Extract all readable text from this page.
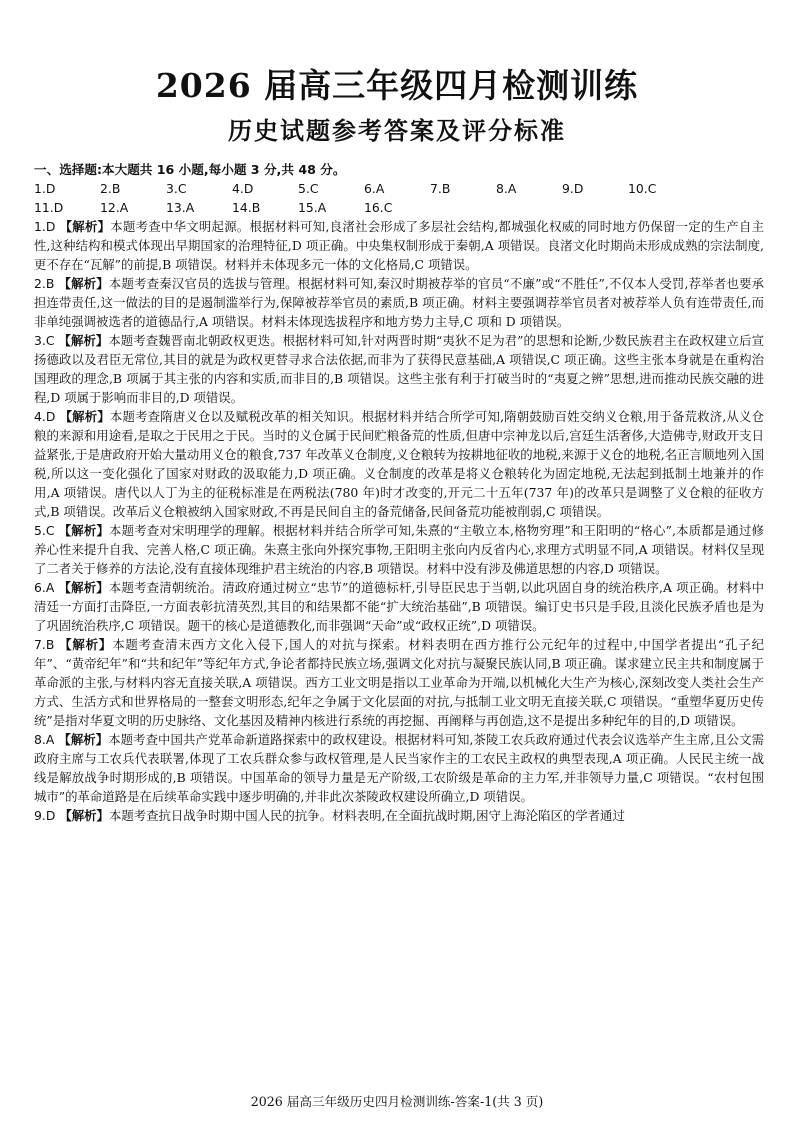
2026 届高三年级四月检测训练
历史试题参考答案及评分标准

一、选择题:本大题共 16 小题,每小题 3 分,共 48 分。

1.D	2.B	3.C	4.D	5.C	6.A	7.B	8.A	9.D	10.C
11.D	12.A	13.A	14.B	15.A	16.C

1.D 【解析】本题考查中华文明起源。根据材料可知,良渚社会形成了多层社会结构,都城强化权威的同时地方仍保留一定的生产自主性,这种结构和模式体现出早期国家的治理特征,D 项正确。中央集权制形成于秦朝,A 项错误。良渚文化时期尚未形成成熟的宗法制度,更不存在“瓦解”的前提,B 项错误。材料并未体现多元一体的文化格局,C 项错误。

2.B 【解析】本题考查秦汉官员的选拔与管理。根据材料可知,秦汉时期被荐举的官员“不廉”或“不胜任”,不仅本人受罚,荐举者也要承担连带责任,这一做法的目的是遏制滥举行为,保障被荐举官员的素质,B 项正确。材料主要强调荐举官员者对被荐举人负有连带责任,而非单纯强调被选者的道德品行,A 项错误。材料未体现选拔程序和地方势力主导,C 项和 D 项错误。

3.C 【解析】本题考查魏晋南北朝政权更迭。根据材料可知,针对两晋时期“夷狄不足为君”的思想和论断,少数民族君主在政权建立后宣扬德政以及君臣无常位,其目的就是为政权更替寻求合法依据,而非为了获得民意基础,A 项错误,C 项正确。这些主张本身就是在重构治国理政的理念,B 项属于其主张的内容和实质,而非目的,B 项错误。这些主张有利于打破当时的“夷夏之辨”思想,进而推动民族交融的进程,D 项属于影响而非目的,D 项错误。

4.D 【解析】本题考查隋唐义仓以及赋税改革的相关知识。根据材料并结合所学可知,隋朝鼓励百姓交纳义仓粮,用于备荒救济,从义仓粮的来源和用途看,是取之于民用之于民。当时的义仓属于民间贮粮备荒的性质,但唐中宗神龙以后,宫廷生活奢侈,大造佛寺,财政开支日益紧张,于是唐政府开始大量动用义仓的粮食,737 年改革义仓制度,义仓粮转为按耕地征收的地税,来源于义仓的地税,名正言顺地列入国税,所以这一变化强化了国家对财政的汲取能力,D 项正确。义仓制度的改革是将义仓粮转化为固定地税,无法起到抵制土地兼并的作用,A 项错误。唐代以人丁为主的征税标准是在两税法(780 年)时才改变的,开元二十五年(737 年)的改革只是调整了义仓粮的征收方式,B 项错误。改革后义仓粮被纳入国家财政,不再是民间自主的备荒储备,民间备荒功能被削弱,C 项错误。

5.C 【解析】本题考查对宋明理学的理解。根据材料并结合所学可知,朱熹的“主敬立本,格物穷理”和王阳明的“格心”,本质都是通过修养心性来提升自我、完善人格,C 项正确。朱熹主张向外探究事物,王阳明主张向内反省内心,求理方式明显不同,A 项错误。材料仅呈现了二者关于修养的方法论,没有直接体现维护君主统治的内容,B 项错误。材料中没有涉及佛道思想的内容,D 项错误。

6.A 【解析】本题考查清朝统治。清政府通过树立“忠节”的道德标杆,引导臣民忠于当朝,以此巩固自身的统治秩序,A 项正确。材料中清廷一方面打击降臣,一方面表彰抗清英烈,其目的和结果都不能“扩大统治基础”,B 项错误。编订史书只是手段,且淡化民族矛盾也是为了巩固统治秩序,C 项错误。题干的核心是道德教化,而非强调“天命”或“政权正统”,D 项错误。

7.B 【解析】本题考查清末西方文化入侵下,国人的对抗与探索。材料表明在西方推行公元纪年的过程中,中国学者提出“孔子纪年”、“黄帝纪年”和“共和纪年”等纪年方式,争论者都持民族立场,强调文化对抗与凝聚民族认同,B 项正确。谋求建立民主共和制度属于革命派的主张,与材料内容无直接关联,A 项错误。西方工业文明是指以工业革命为开端,以机械化大生产为核心,深刻改变人类社会生产方式、生活方式和世界格局的一整套文明形态,纪年之争属于文化层面的对抗,与抵制工业文明无直接关联,C 项错误。“重塑华夏历史传统”是指对华夏文明的历史脉络、文化基因及精神内核进行系统的再挖掘、再阐释与再创造,这不是提出多种纪年的目的,D 项错误。

8.A 【解析】本题考查中国共产党革命新道路探索中的政权建设。根据材料可知,茶陵工农兵政府通过代表会议选举产生主席,且公文需政府主席与工农兵代表联署,体现了工农兵群众参与政权管理,是人民当家作主的工农民主政权的典型表现,A 项正确。人民民主统一战线是解放战争时期形成的,B 项错误。中国革命的领导力量是无产阶级,工农阶级是革命的主力军,并非领导力量,C 项错误。“农村包围城市”的革命道路是在后续革命实践中逐步明确的,并非此次茶陵政权建设所确立,D 项错误。

9.D 【解析】本题考查抗日战争时期中国人民的抗争。材料表明,在全面抗战时期,困守上海沦陷区的学者通过

2026 届高三年级历史四月检测训练-答案-1(共 3 页)
